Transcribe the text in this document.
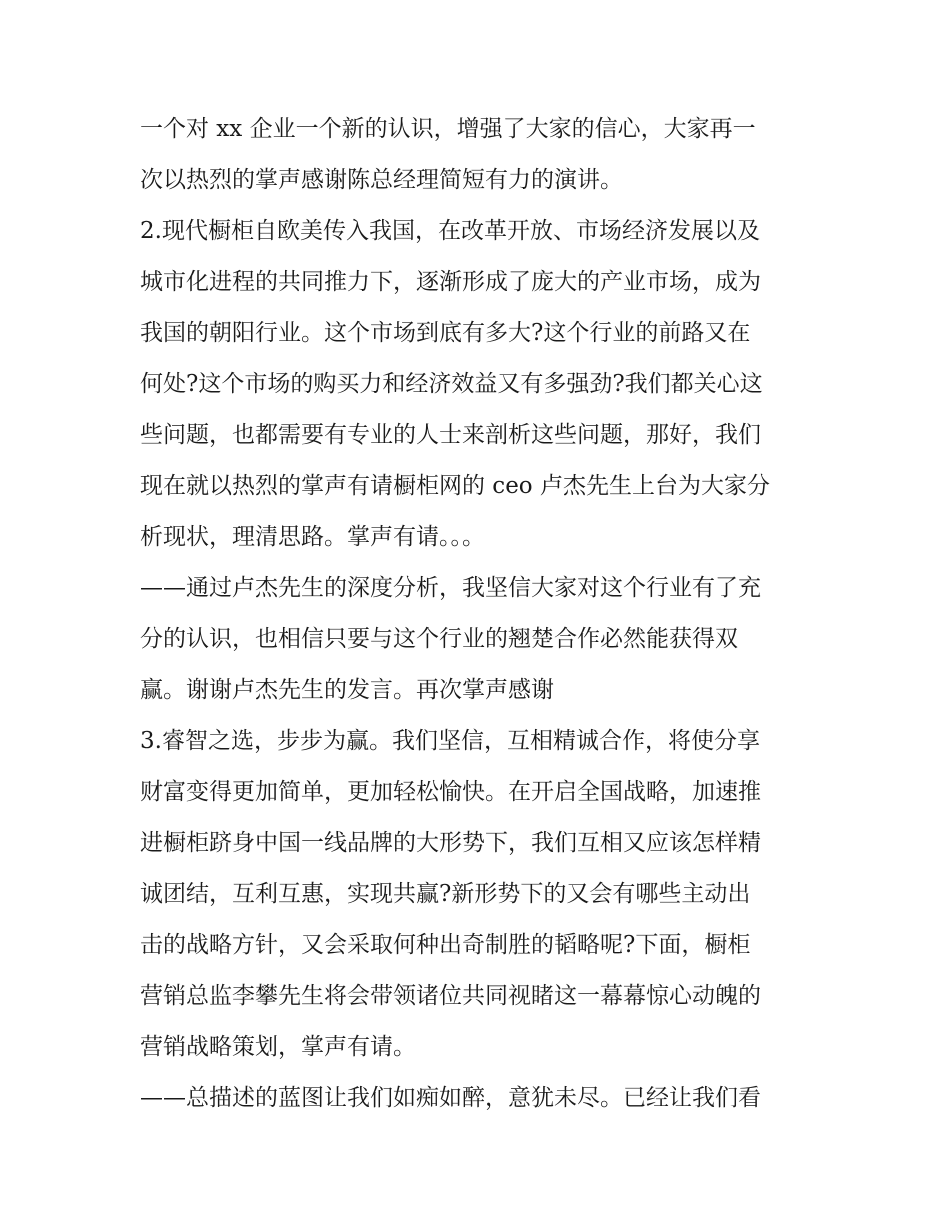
一个对 xx 企业一个新的认识，增强了大家的信心，大家再一
次以热烈的掌声感谢陈总经理简短有力的演讲。
2.现代橱柜自欧美传入我国，在改革开放、市场经济发展以及
城市化进程的共同推力下，逐渐形成了庞大的产业市场，成为
我国的朝阳行业。这个市场到底有多大?这个行业的前路又在
何处?这个市场的购买力和经济效益又有多强劲?我们都关心这
些问题，也都需要有专业的人士来剖析这些问题，那好，我们
现在就以热烈的掌声有请橱柜网的 ceo 卢杰先生上台为大家分
析现状，理清思路。掌声有请。。。
——通过卢杰先生的深度分析，我坚信大家对这个行业有了充
分的认识，也相信只要与这个行业的翘楚合作必然能获得双
赢。谢谢卢杰先生的发言。再次掌声感谢
3.睿智之选，步步为赢。我们坚信，互相精诚合作，将使分享
财富变得更加简单，更加轻松愉快。在开启全国战略，加速推
进橱柜跻身中国一线品牌的大形势下，我们互相又应该怎样精
诚团结，互利互惠，实现共赢?新形势下的又会有哪些主动出
击的战略方针，又会采取何种出奇制胜的韬略呢?下面，橱柜
营销总监李攀先生将会带领诸位共同视睹这一幕幕惊心动魄的
营销战略策划，掌声有请。
——总描述的蓝图让我们如痴如醉，意犹未尽。已经让我们看
